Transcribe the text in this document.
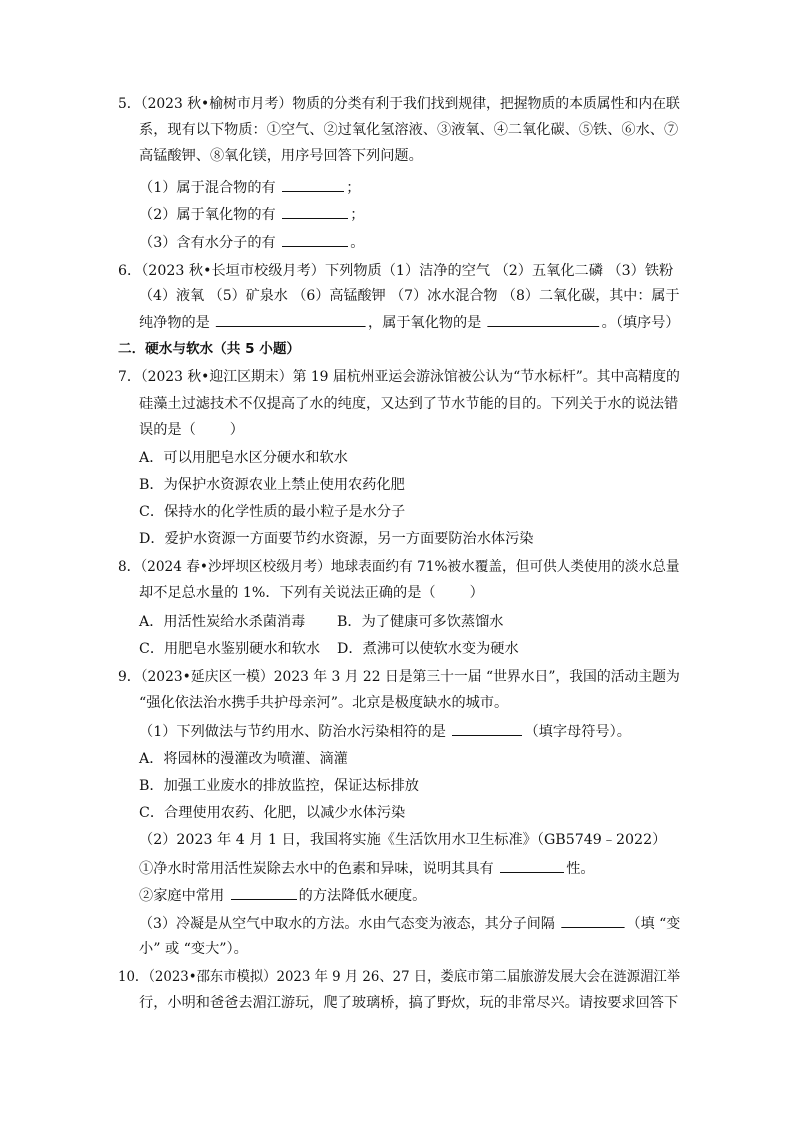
5．（2023 秋•榆树市月考）物质的分类有利于我们找到规律，把握物质的本质属性和内在联
系，现有以下物质：①空气、②过氧化氢溶液、③液氧、④二氧化碳、⑤铁、⑥水、⑦
高锰酸钾、⑧氧化镁，用序号回答下列问题。
（1）属于混合物的有	；
（2）属于氧化物的有	；
（3）含有水分子的有	。
6．（2023 秋•长垣市校级月考）下列物质（1）洁净的空气 （2）五氧化二磷 （3）铁粉
（4）液氧 （5）矿泉水 （6）高锰酸钾 （7）冰水混合物 （8）二氧化碳，其中：属于
纯净物的是	，属于氧化物的是	。（填序号）
二．硬水与软水（共 5 小题）
7．（2023 秋•迎江区期末）第 19 届杭州亚运会游泳馆被公认为“节水标杆”。其中高精度的
硅藻土过滤技术不仅提高了水的纯度，又达到了节水节能的目的。下列关于水的说法错
误的是（ ）
A．可以用肥皂水区分硬水和软水
B．为保护水资源农业上禁止使用农药化肥
C．保持水的化学性质的最小粒子是水分子
D．爱护水资源一方面要节约水资源，另一方面要防治水体污染
8．（2024 春•沙坪坝区校级月考）地球表面约有 71%被水覆盖，但可供人类使用的淡水总量
却不足总水量的 1%．下列有关说法正确的是（ ）
A．用活性炭给水杀菌消毒 B．为了健康可多饮蒸馏水
C．用肥皂水鉴别硬水和软水 D．煮沸可以使软水变为硬水
9．（2023•延庆区一模）2023 年 3 月 22 日是第三十一届 “世界水日”，我国的活动主题为
“强化依法治水携手共护母亲河”。北京是极度缺水的城市。
（1）下列做法与节约用水、防治水污染相符的是	（填字母符号）。
A．将园林的漫灌改为喷灌、滴灌
B．加强工业废水的排放监控，保证达标排放
C．合理使用农药、化肥，以减少水体污染
（2）2023 年 4 月 1 日，我国将实施《生活饮用水卫生标准》（GB5749﹣2022）
①净水时常用活性炭除去水中的色素和异味，说明其具有	性。
②家庭中常用	的方法降低水硬度。
（3）冷凝是从空气中取水的方法。水由气态变为液态，其分子间隔	（填 “变
小” 或 “变大”）。
10．（2023•邵东市模拟）2023 年 9 月 26、27 日，娄底市第二届旅游发展大会在涟源湄江举
行，小明和爸爸去湄江游玩，爬了玻璃桥，搞了野炊，玩的非常尽兴。请按要求回答下
